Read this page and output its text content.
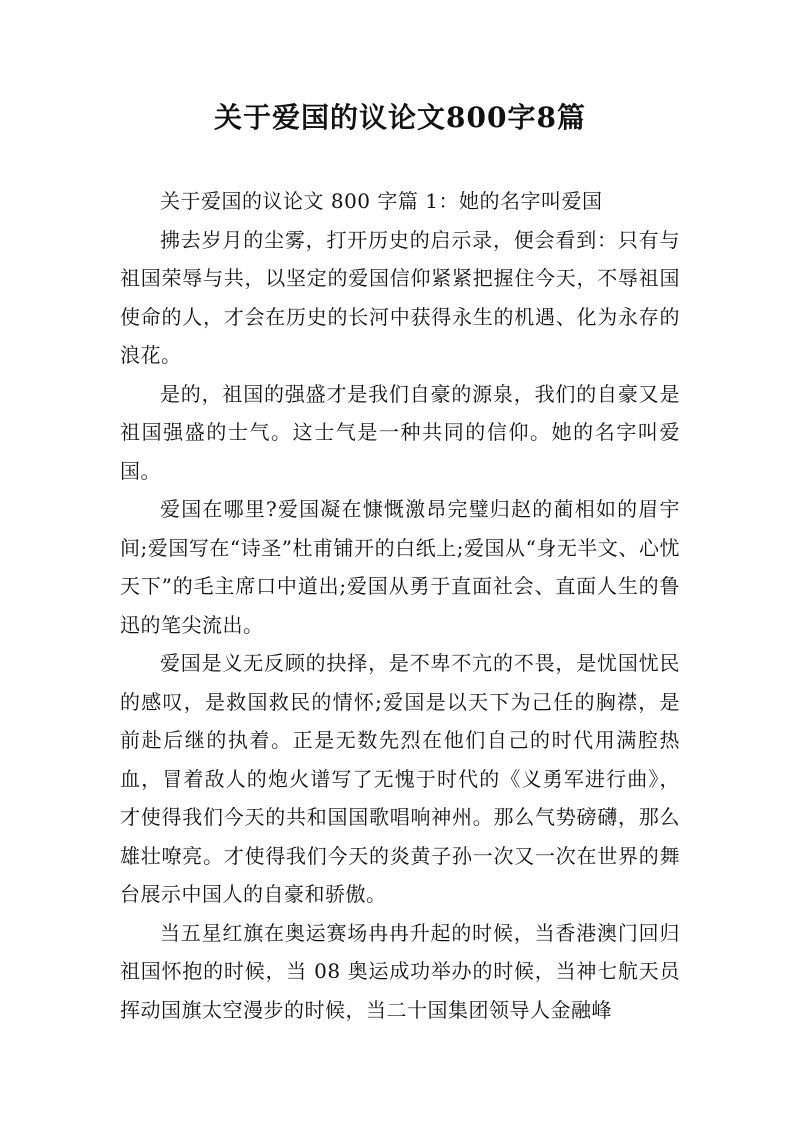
关于爱国的议论文800字8篇

关于爱国的议论文 800 字篇 1：她的名字叫爱国

拂去岁月的尘雾，打开历史的启示录，便会看到：只有与祖国荣辱与共，以坚定的爱国信仰紧紧把握住今天，不辱祖国使命的人，才会在历史的长河中获得永生的机遇、化为永存的浪花。

是的，祖国的强盛才是我们自豪的源泉，我们的自豪又是祖国强盛的士气。这士气是一种共同的信仰。她的名字叫爱国。

爱国在哪里?爱国凝在慷慨激昂完璧归赵的蔺相如的眉宇间;爱国写在“诗圣”杜甫铺开的白纸上;爱国从“身无半文、心忧天下”的毛主席口中道出;爱国从勇于直面社会、直面人生的鲁迅的笔尖流出。

爱国是义无反顾的抉择，是不卑不亢的不畏，是忧国忧民的感叹，是救国救民的情怀;爱国是以天下为己任的胸襟，是前赴后继的执着。正是无数先烈在他们自己的时代用满腔热血，冒着敌人的炮火谱写了无愧于时代的《义勇军进行曲》，才使得我们今天的共和国国歌唱响神州。那么气势磅礴，那么雄壮嘹亮。才使得我们今天的炎黄子孙一次又一次在世界的舞台展示中国人的自豪和骄傲。

当五星红旗在奥运赛场冉冉升起的时候，当香港澳门回归祖国怀抱的时候，当 08 奥运成功举办的时候，当神七航天员挥动国旗太空漫步的时候，当二十国集团领导人金融峰
